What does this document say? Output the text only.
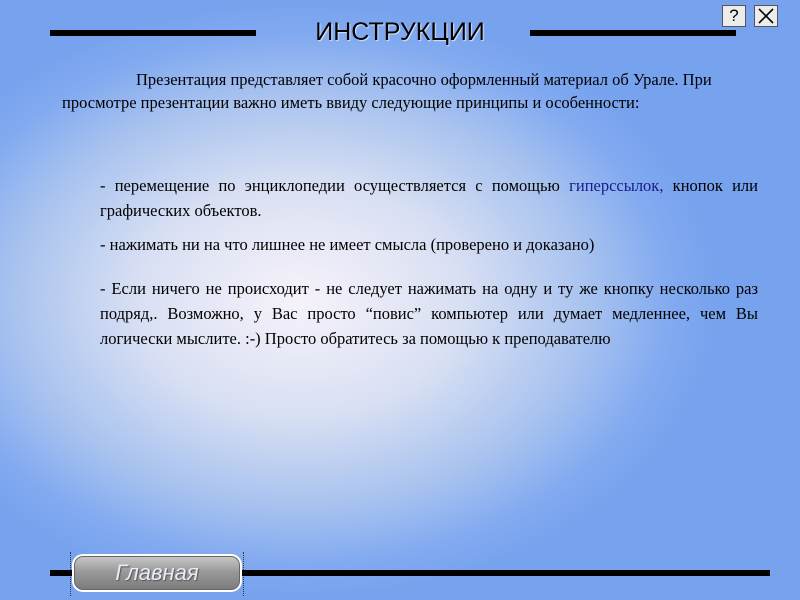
ИНСТРУКЦИИ
?

Презентация представляет собой красочно оформленный материал об Урале. При просмотре презентации важно иметь ввиду следующие принципы и особенности:

- перемещение по энциклопедии осуществляется с помощью гиперссылок, кнопок или графических объектов.

- нажимать ни на что лишнее не имеет смысла (проверено и доказано)

- Если ничего не происходит - не следует нажимать на одну и ту же кнопку несколько раз подряд,. Возможно, у Вас просто “повис” компьютер или думает медленнее, чем Вы логически мыслите. :-) Просто обратитесь за помощью к преподавателю

Главная
